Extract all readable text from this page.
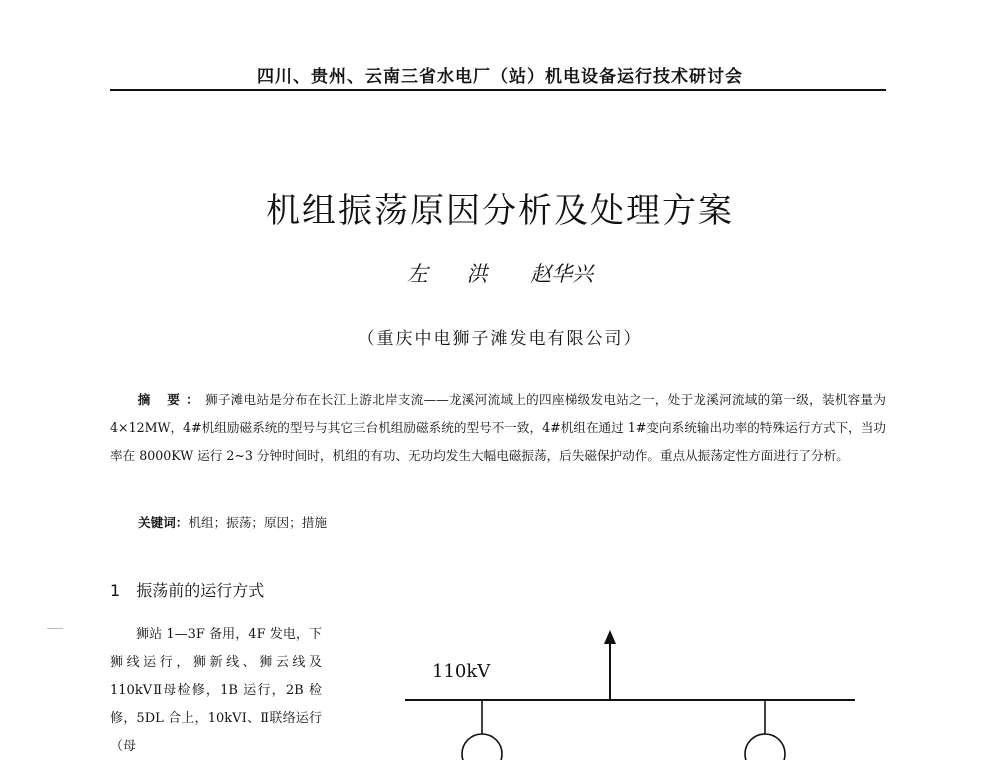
四川、贵州、云南三省水电厂（站）机电设备运行技术研讨会
机组振荡原因分析及处理方案
左 洪 赵华兴
（重庆中电狮子滩发电有限公司）
摘 要：狮子滩电站是分布在长江上游北岸支流——龙溪河流域上的四座梯级发电站之一，处于龙溪河流域的第一级，装机容量为 4×12MW，4#机组励磁系统的型号与其它三台机组励磁系统的型号不一致，4#机组在通过 1#变向系统输出功率的特殊运行方式下，当功率在 8000KW 运行 2~3 分钟时间时，机组的有功、无功均发生大幅电磁振荡，后失磁保护动作。重点从振荡定性方面进行了分析。
关键词：机组；振荡；原因；措施
1 振荡前的运行方式
狮站 1—3F 备用，4F 发电，下狮线运行，狮新线、狮云线及 110kVⅡ母检修，1B 运行，2B 检修，5DL 合上，10kVⅠ、Ⅱ联络运行（母
110kV
